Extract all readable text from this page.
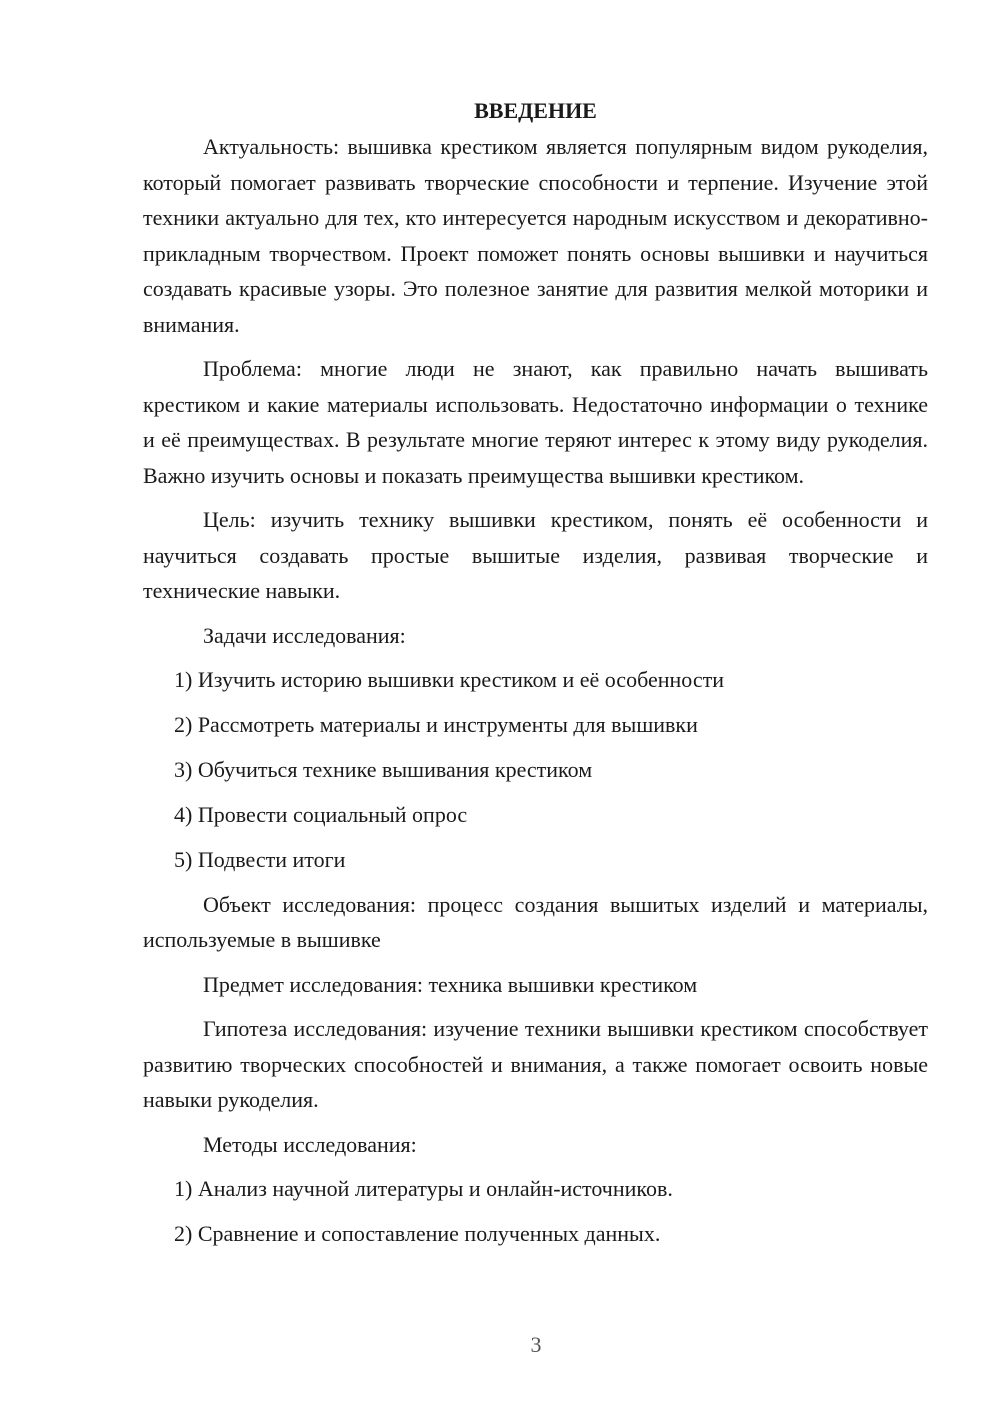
ВВЕДЕНИЕ

Актуальность: вышивка крестиком является популярным видом рукоделия, который помогает развивать творческие способности и терпение. Изучение этой техники актуально для тех, кто интересуется народным искусством и декоративно-прикладным творчеством. Проект поможет понять основы вышивки и научиться создавать красивые узоры. Это полезное занятие для развития мелкой моторики и внимания.

Проблема: многие люди не знают, как правильно начать вышивать крестиком и какие материалы использовать. Недостаточно информации о технике и её преимуществах. В результате многие теряют интерес к этому виду рукоделия. Важно изучить основы и показать преимущества вышивки крестиком.

Цель: изучить технику вышивки крестиком, понять её особенности и научиться создавать простые вышитые изделия, развивая творческие и технические навыки.

Задачи исследования:
1) Изучить историю вышивки крестиком и её особенности
2) Рассмотреть материалы и инструменты для вышивки
3) Обучиться технике вышивания крестиком
4) Провести социальный опрос
5) Подвести итоги

Объект исследования: процесс создания вышитых изделий и материалы, используемые в вышивке

Предмет исследования: техника вышивки крестиком

Гипотеза исследования: изучение техники вышивки крестиком способствует развитию творческих способностей и внимания, а также помогает освоить новые навыки рукоделия.

Методы исследования:
1) Анализ научной литературы и онлайн-источников.
2) Сравнение и сопоставление полученных данных.
3
